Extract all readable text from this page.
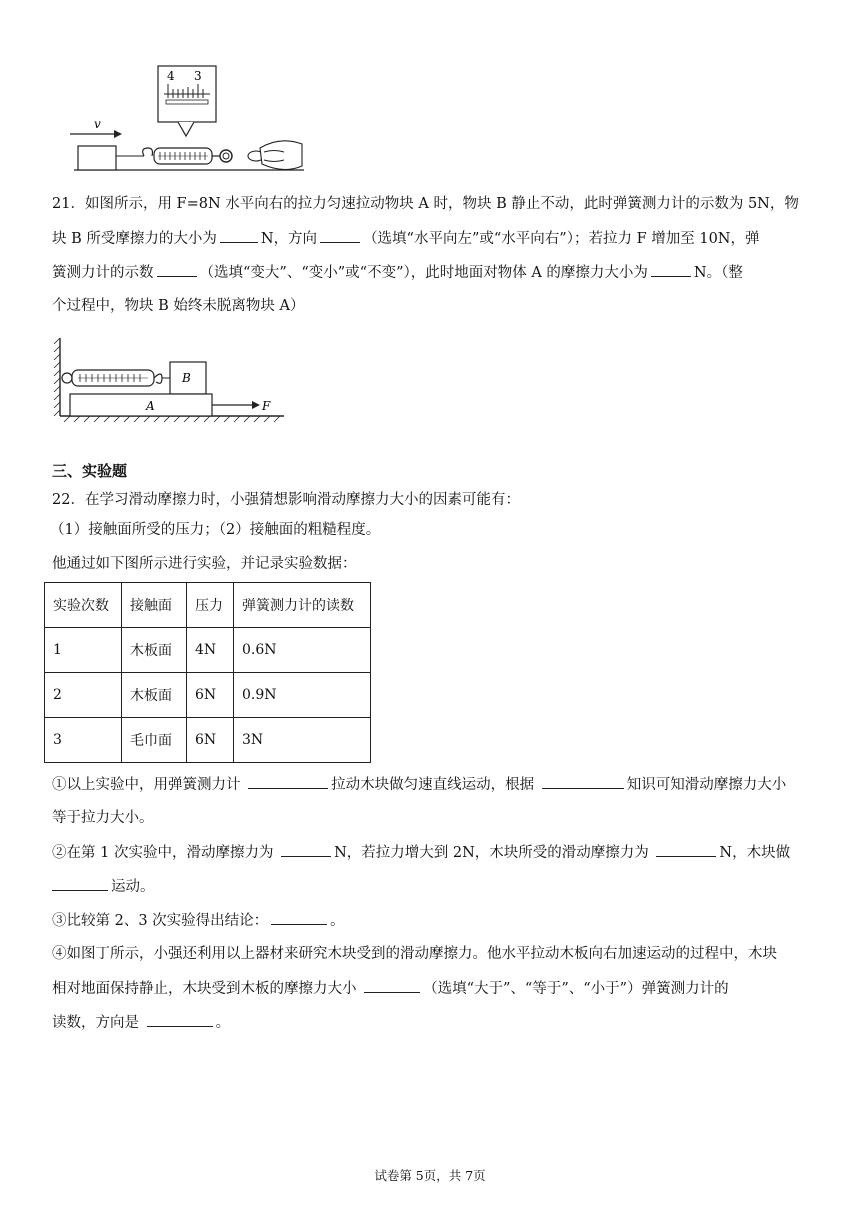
4 3
v
21．如图所示，用 F=8N 水平向右的拉力匀速拉动物块 A 时，物块 B 静止不动，此时弹簧测力计的示数为 5N，物
块 B 所受摩擦力的大小为	N，方向	（选填“水平向左”或“水平向右”）；若拉力 F 增加至 10N，弹
簧测力计的示数	（选填“变大”、“变小”或“不变”），此时地面对物体 A 的摩擦力大小为	N。（整
个过程中，物块 B 始终未脱离物块 A）
B
A	F
三、实验题
22．在学习滑动摩擦力时，小强猜想影响滑动摩擦力大小的因素可能有：
（1）接触面所受的压力；（2）接触面的粗糙程度。
他通过如下图所示进行实验，并记录实验数据：
实验次数	接触面	压力	弹簧测力计的读数
1	木板面	4N	0.6N
2	木板面	6N	0.9N
3	毛巾面	6N	3N
①以上实验中，用弹簧测力计	拉动木块做匀速直线运动，根据	知识可知滑动摩擦力大小
等于拉力大小。
②在第 1 次实验中，滑动摩擦力为	N，若拉力增大到 2N，木块所受的滑动摩擦力为	N，木块做
运动。
③比较第 2、3 次实验得出结论：	。
④如图丁所示，小强还利用以上器材来研究木块受到的滑动摩擦力。他水平拉动木板向右加速运动的过程中，木块
相对地面保持静止，木块受到木板的摩擦力大小	（选填“大于”、“等于”、“小于”）弹簧测力计的
读数，方向是	。
试卷第 5页，共 7页
